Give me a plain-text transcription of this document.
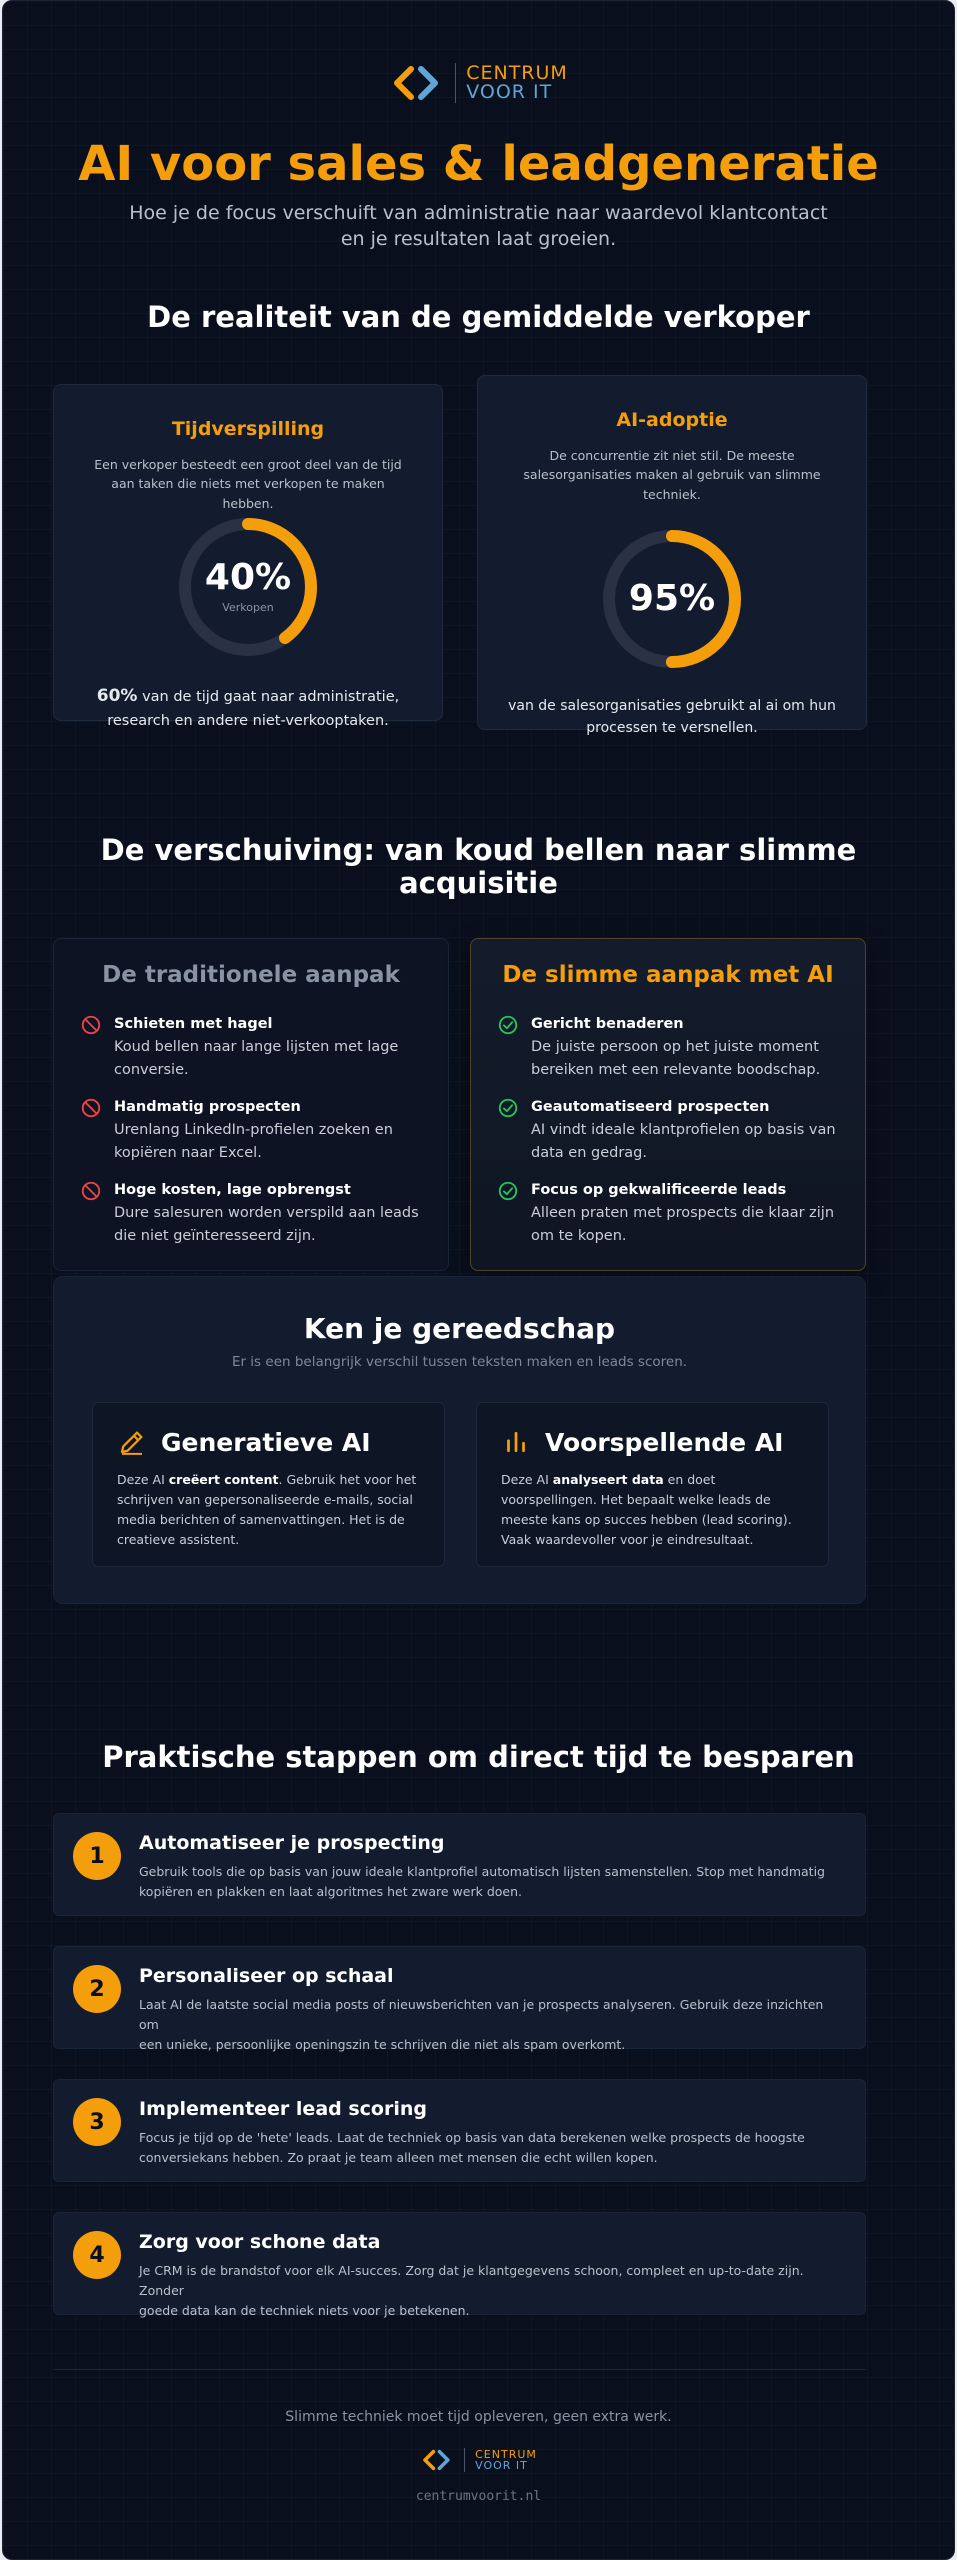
CENTRUM
VOOR IT
AI voor sales & leadgeneratie
Hoe je de focus verschuift van administratie naar waardevol klantcontact
en je resultaten laat groeien.
De realiteit van de gemiddelde verkoper
Tijdverspilling
Een verkoper besteedt een groot deel van de tijd
aan taken die niets met verkopen te maken hebben.
40%
Verkopen
60% van de tijd gaat naar administratie,
research en andere niet-verkooptaken.
AI-adoptie
De concurrentie zit niet stil. De meeste
salesorganisaties maken al gebruik van slimme
techniek.
95%
van de salesorganisaties gebruikt al ai om hun
processen te versnellen.
De verschuiving: van koud bellen naar slimme
acquisitie
De traditionele aanpak
Schieten met hagel
Koud bellen naar lange lijsten met lage
conversie.
Handmatig prospecten
Urenlang LinkedIn-profielen zoeken en
kopiëren naar Excel.
Hoge kosten, lage opbrengst
Dure salesuren worden verspild aan leads
die niet geïnteresseerd zijn.
De slimme aanpak met AI
Gericht benaderen
De juiste persoon op het juiste moment
bereiken met een relevante boodschap.
Geautomatiseerd prospecten
AI vindt ideale klantprofielen op basis van
data en gedrag.
Focus op gekwalificeerde leads
Alleen praten met prospects die klaar zijn
om te kopen.
Ken je gereedschap
Er is een belangrijk verschil tussen teksten maken en leads scoren.
Generatieve AI
Deze AI creëert content. Gebruik het voor het
schrijven van gepersonaliseerde e-mails, social
media berichten of samenvattingen. Het is de
creatieve assistent.
Voorspellende AI
Deze AI analyseert data en doet
voorspellingen. Het bepaalt welke leads de
meeste kans op succes hebben (lead scoring).
Vaak waardevoller voor je eindresultaat.
Praktische stappen om direct tijd te besparen
1
Automatiseer je prospecting
Gebruik tools die op basis van jouw ideale klantprofiel automatisch lijsten samenstellen. Stop met handmatig
kopiëren en plakken en laat algoritmes het zware werk doen.
2
Personaliseer op schaal
Laat AI de laatste social media posts of nieuwsberichten van je prospects analyseren. Gebruik deze inzichten om
een unieke, persoonlijke openingszin te schrijven die niet als spam overkomt.
3
Implementeer lead scoring
Focus je tijd op de 'hete' leads. Laat de techniek op basis van data berekenen welke prospects de hoogste
conversiekans hebben. Zo praat je team alleen met mensen die echt willen kopen.
4
Zorg voor schone data
Je CRM is de brandstof voor elk AI-succes. Zorg dat je klantgegevens schoon, compleet en up-to-date zijn. Zonder
goede data kan de techniek niets voor je betekenen.
Slimme techniek moet tijd opleveren, geen extra werk.
CENTRUM
VOOR IT
centrumvoorit.nl
